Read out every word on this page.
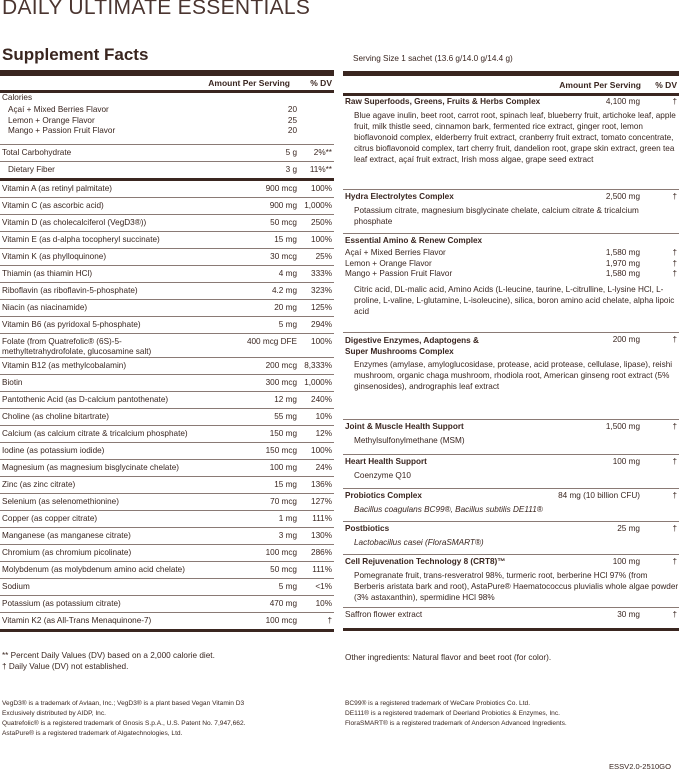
DAILY ULTIMATE ESSENTIALS
Supplement Facts
Amount Per Serving % DV
Calories
Açaí + Mixed Berries Flavor	20
Lemon + Orange Flavor	25
Mango + Passion Fruit Flavor	20
Total Carbohydrate	5 g 2%**
Dietary Fiber	3 g 11%**
Vitamin A (as retinyl palmitate)	900 mcg 100%
Vitamin C (as ascorbic acid)	900 mg 1,000%
Vitamin D (as cholecalciferol (VegD3®))	50 mcg 250%
Vitamin E (as d-alpha tocopheryl succinate)	15 mg 100%
Vitamin K (as phylloquinone)	30 mcg 25%
Thiamin (as thiamin HCl)	4 mg 333%
Riboflavin (as riboflavin-5-phosphate)	4.2 mg 323%
Niacin (as niacinamide)	20 mg 125%
Vitamin B6 (as pyridoxal 5-phosphate)	5 mg 294%
Folate (from Quatrefolic® (6S)-5-
methyltetrahydrofolate, glucosamine salt)
400 mcg DFE 100%
Vitamin B12 (as methylcobalamin)	200 mcg 8,333%
Biotin	300 mcg 1,000%
Pantothenic Acid (as D-calcium pantothenate)	12 mg 240%
Choline (as choline bitartrate)	55 mg 10%
Calcium (as calcium citrate & tricalcium phosphate)	150 mg 12%
Iodine (as potassium iodide)	150 mcg 100%
Magnesium (as magnesium bisglycinate chelate)	100 mg 24%
Zinc (as zinc citrate)	15 mg 136%
Selenium (as selenomethionine)	70 mcg 127%
Copper (as copper citrate)	1 mg 111%
Manganese (as manganese citrate)	3 mg 130%
Chromium (as chromium picolinate)	100 mcg 286%
Molybdenum (as molybdenum amino acid chelate)	50 mcg 111%
Sodium	5 mg <1%
Potassium (as potassium citrate)	470 mg 10%
Vitamin K2 (as All-Trans Menaquinone-7)	100 mcg	†
Serving Size 1 sachet (13.6 g/14.0 g/14.4 g)
Amount Per Serving % DV
Raw Superfoods, Greens, Fruits & Herbs Complex	4,100 mg	†
Blue agave inulin, beet root, carrot root, spinach leaf, blueberry fruit, artichoke leaf, apple fruit, milk thistle seed, cinnamon bark, fermented rice extract, ginger root, lemon bioflavonoid complex, elderberry fruit extract, cranberry fruit extract, tomato concentrate, citrus bioflavonoid complex, tart cherry fruit, dandelion root, grape skin extract, green tea leaf extract, açaí fruit extract, Irish moss algae, grape seed extract
Hydra Electrolytes Complex	2,500 mg	†
Potassium citrate, magnesium bisglycinate chelate, calcium citrate & tricalcium phosphate
Essential Amino & Renew Complex
Açaí + Mixed Berries Flavor	1,580 mg	†
Lemon + Orange Flavor	1,970 mg	†
Mango + Passion Fruit Flavor	1,580 mg	†
Citric acid, DL-malic acid, Amino Acids (L-leucine, taurine, L-citrulline, L-lysine HCl, L-proline, L-valine, L-glutamine, L-isoleucine), silica, boron amino acid chelate, alpha lipoic acid
Digestive Enzymes, Adaptogens &
Super Mushrooms Complex
200 mg	†
Enzymes (amylase, amyloglucosidase, protease, acid protease, cellulase, lipase), reishi mushroom, organic chaga mushroom, rhodiola root, American ginseng root extract (5% ginsenosides), andrographis leaf extract
Joint & Muscle Health Support	1,500 mg	†
Methylsulfonylmethane (MSM)
Heart Health Support	100 mg	†
Coenzyme Q10
Probiotics Complex	84 mg (10 billion CFU)	†
Bacillus coagulans BC99®, Bacillus subtilis DE111®
Postbiotics	25 mg	†
Lactobacillus casei (FloraSMART®)
Cell Rejuvenation Technology 8 (CRT8)™	100 mg	†
Pomegranate fruit, trans-resveratrol 98%, turmeric root, berberine HCl 97% (from Berberis aristata bark and root), AstaPure® Haematococcus pluvialis whole algae powder (3% astaxanthin), spermidine HCl 98%
Saffron flower extract	30 mg	†
** Percent Daily Values (DV) based on a 2,000 calorie diet.
† Daily Value (DV) not established.
Other ingredients: Natural flavor and beet root (for color).
VegD3® is a trademark of Avlaan, Inc.; VegD3® is a plant based Vegan Vitamin D3
Exclusively distributed by AIDP, Inc.
Quatrefolic® is a registered trademark of Gnosis S.p.A., U.S. Patent No. 7,947,662.
AstaPure® is a registered trademark of Algatechnologies, Ltd.
BC99® is a registered trademark of WeCare Probiotics Co. Ltd.
DE111® is a registered trademark of Deerland Probiotics & Enzymes, Inc.
FloraSMART® is a registered trademark of Anderson Advanced Ingredients.
ESSV2.0-2510GO
